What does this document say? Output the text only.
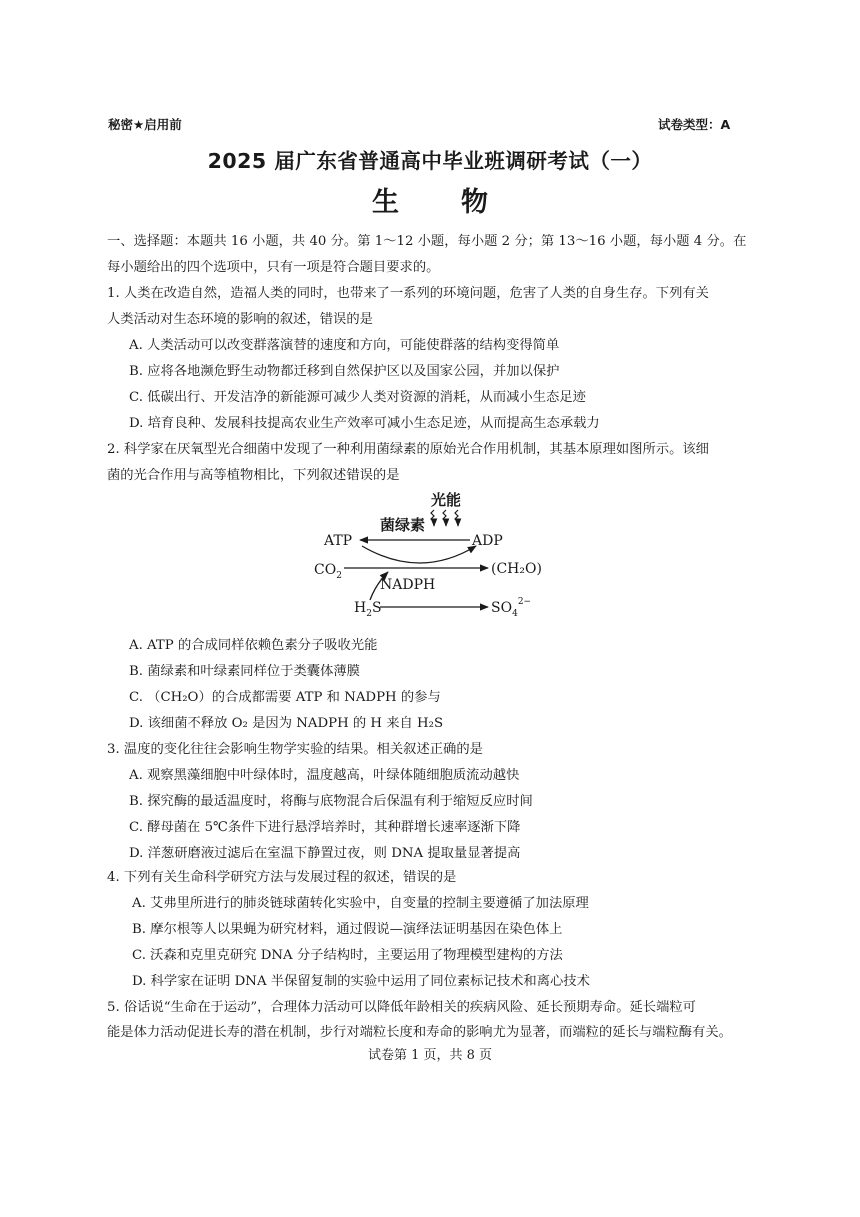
秘密★启用前	试卷类型：A
2025 届广东省普通高中毕业班调研考试（一）
生物
一、选择题：本题共 16 小题，共 40 分。第 1～12 小题，每小题 2 分；第 13～16 小题，每小题 4 分。在
每小题给出的四个选项中，只有一项是符合题目要求的。
1. 人类在改造自然，造福人类的同时，也带来了一系列的环境问题，危害了人类的自身生存。下列有关
人类活动对生态环境的影响的叙述，错误的是
A. 人类活动可以改变群落演替的速度和方向，可能使群落的结构变得简单
B. 应将各地濒危野生动物都迁移到自然保护区以及国家公园，并加以保护
C. 低碳出行、开发洁净的新能源可减少人类对资源的消耗，从而减小生态足迹
D. 培育良种、发展科技提高农业生产效率可减小生态足迹，从而提高生态承载力
2. 科学家在厌氧型光合细菌中发现了一种利用菌绿素的原始光合作用机制，其基本原理如图所示。该细
菌的光合作用与高等植物相比，下列叙述错误的是
光能
菌绿素
ATP	ADP
$CO_2$	(CH₂O)
NADPH
$H_2S$	$SO_4^{2-}$
A. ATP 的合成同样依赖色素分子吸收光能
B. 菌绿素和叶绿素同样位于类囊体薄膜
C. （CH₂O）的合成都需要 ATP 和 NADPH 的参与
D. 该细菌不释放 O₂ 是因为 NADPH 的 H 来自 H₂S
3. 温度的变化往往会影响生物学实验的结果。相关叙述正确的是
A. 观察黑藻细胞中叶绿体时，温度越高，叶绿体随细胞质流动越快
B. 探究酶的最适温度时，将酶与底物混合后保温有利于缩短反应时间
C. 酵母菌在 5℃条件下进行悬浮培养时，其种群增长速率逐渐下降
D. 洋葱研磨液过滤后在室温下静置过夜，则 DNA 提取量显著提高
4. 下列有关生命科学研究方法与发展过程的叙述，错误的是
A. 艾弗里所进行的肺炎链球菌转化实验中，自变量的控制主要遵循了加法原理
B. 摩尔根等人以果蝇为研究材料，通过假说—演绎法证明基因在染色体上
C. 沃森和克里克研究 DNA 分子结构时，主要运用了物理模型建构的方法
D. 科学家在证明 DNA 半保留复制的实验中运用了同位素标记技术和离心技术
5. 俗话说“生命在于运动”，合理体力活动可以降低年龄相关的疾病风险、延长预期寿命。延长端粒可
能是体力活动促进长寿的潜在机制，步行对端粒长度和寿命的影响尤为显著，而端粒的延长与端粒酶有关。
试卷第 1 页，共 8 页
